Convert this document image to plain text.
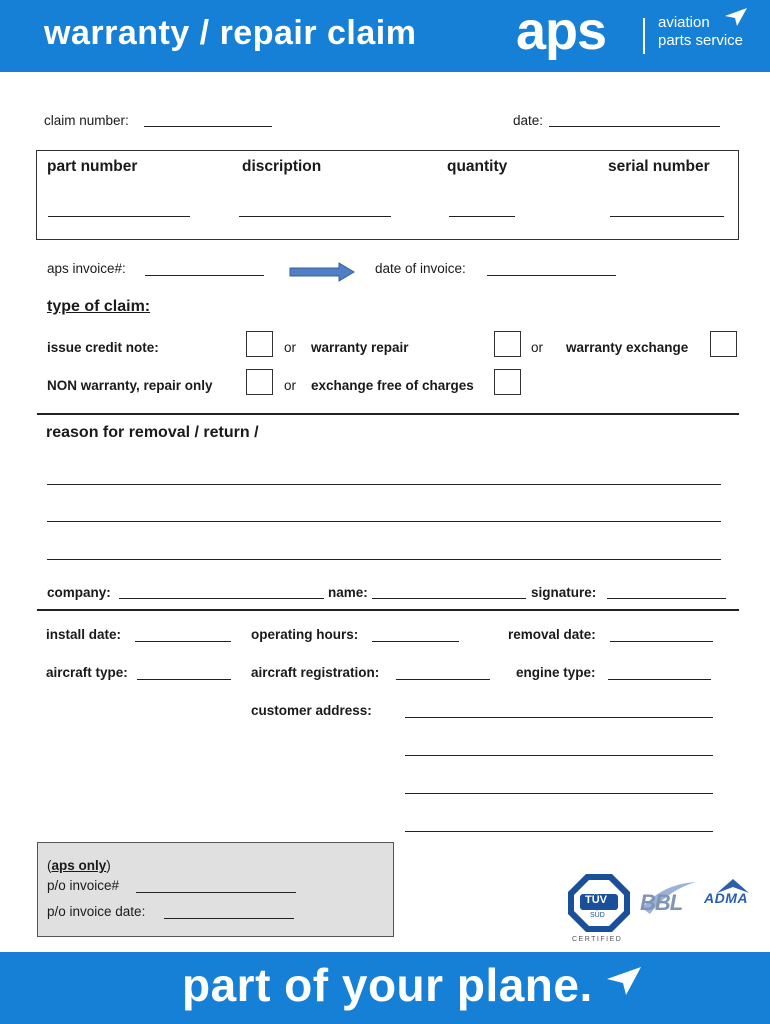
warranty / repair claim aps	aviation
parts service
claim number:	date:
part number	discription	quantity	serial number
aps invoice#:	date of invoice:
type of claim:
issue credit note:	or warranty repair	or warranty exchange
NON warranty, repair only	or exchange free of charges
reason for removal / return /
company:	name:	signature:
install date:	operating hours:	removal date:
aircraft type:	aircraft registration:	engine type:
customer address:
(aps only)
p/o invoice#
p/o invoice date:
TÜV
SÜD
CERTIFIED
BBL ADMA
part of your plane.
